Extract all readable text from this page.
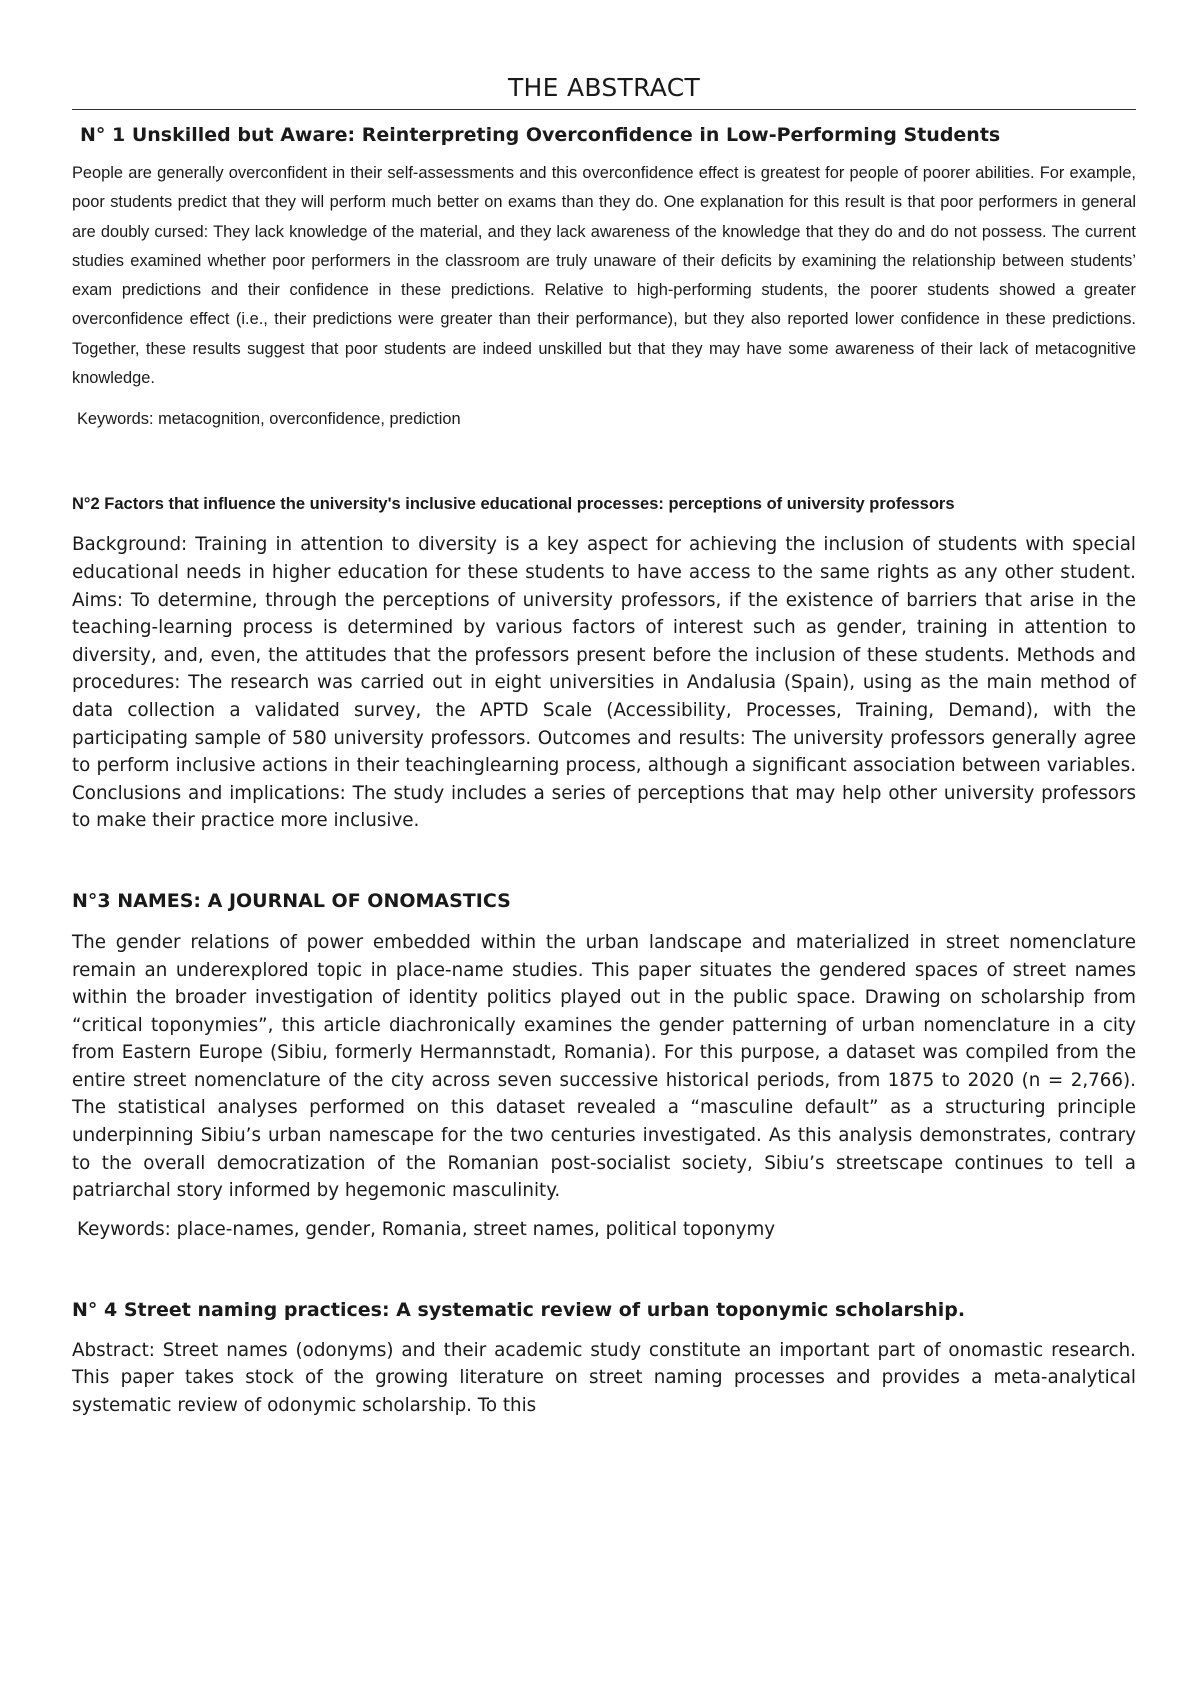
THE ABSTRACT
N° 1 Unskilled but Aware: Reinterpreting Overconfidence in Low-Performing Students

People are generally overconfident in their self-assessments and this overconfidence effect is greatest for people of poorer abilities. For example, poor students predict that they will perform much better on exams than they do. One explanation for this result is that poor performers in general are doubly cursed: They lack knowledge of the material, and they lack awareness of the knowledge that they do and do not possess. The current studies examined whether poor performers in the classroom are truly unaware of their deficits by examining the relationship between students’ exam predictions and their confidence in these predictions. Relative to high-performing students, the poorer students showed a greater overconfidence effect (i.e., their predictions were greater than their performance), but they also reported lower confidence in these predictions. Together, these results suggest that poor students are indeed unskilled but that they may have some awareness of their lack of metacognitive knowledge.

Keywords: metacognition, overconfidence, prediction

N°2 Factors that influence the university's inclusive educational processes: perceptions of university professors

Background: Training in attention to diversity is a key aspect for achieving the inclusion of students with special educational needs in higher education for these students to have access to the same rights as any other student. Aims: To determine, through the perceptions of university professors, if the existence of barriers that arise in the teaching-learning process is determined by various factors of interest such as gender, training in attention to diversity, and, even, the attitudes that the professors present before the inclusion of these students. Methods and procedures: The research was carried out in eight universities in Andalusia (Spain), using as the main method of data collection a validated survey, the APTD Scale (Accessibility, Processes, Training, Demand), with the participating sample of 580 university professors. Outcomes and results: The university professors generally agree to perform inclusive actions in their teachinglearning process, although a significant association between variables. Conclusions and implications: The study includes a series of perceptions that may help other university professors to make their practice more inclusive.

N°3 NAMES: A JOURNAL OF ONOMASTICS

The gender relations of power embedded within the urban landscape and materialized in street nomenclature remain an underexplored topic in place-name studies. This paper situates the gendered spaces of street names within the broader investigation of identity politics played out in the public space. Drawing on scholarship from “critical toponymies”, this article diachronically examines the gender patterning of urban nomenclature in a city from Eastern Europe (Sibiu, formerly Hermannstadt, Romania). For this purpose, a dataset was compiled from the entire street nomenclature of the city across seven successive historical periods, from 1875 to 2020 (n = 2,766). The statistical analyses performed on this dataset revealed a “masculine default” as a structuring principle underpinning Sibiu’s urban namescape for the two centuries investigated. As this analysis demonstrates, contrary to the overall democratization of the Romanian post-socialist society, Sibiu’s streetscape continues to tell a patriarchal story informed by hegemonic masculinity.

Keywords: place-names, gender, Romania, street names, political toponymy

N° 4 Street naming practices: A systematic review of urban toponymic scholarship.

Abstract: Street names (odonyms) and their academic study constitute an important part of onomastic research. This paper takes stock of the growing literature on street naming processes and provides a meta-analytical systematic review of odonymic scholarship. To this
